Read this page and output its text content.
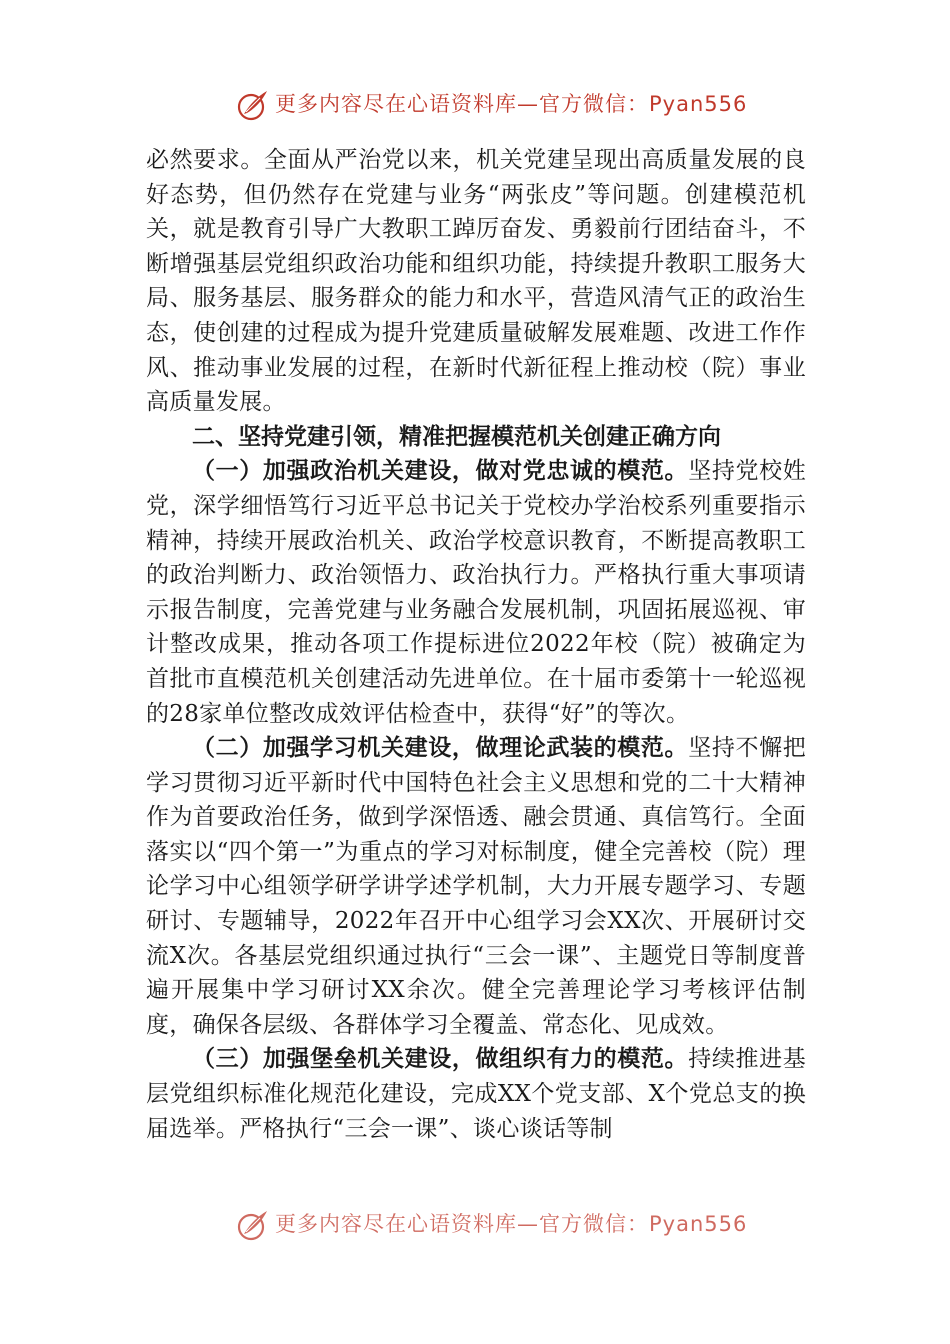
更多内容尽在心语资料库—官方微信：Pyan556

必然要求。全面从严治党以来，机关党建呈现出高质量发展的良好态势，但仍然存在党建与业务“两张皮”等问题。创建模范机关，就是教育引导广大教职工踔厉奋发、勇毅前行团结奋斗，不断增强基层党组织政治功能和组织功能，持续提升教职工服务大局、服务基层、服务群众的能力和水平，营造风清气正的政治生态，使创建的过程成为提升党建质量破解发展难题、改进工作作风、推动事业发展的过程，在新时代新征程上推动校（院）事业高质量发展。

二、坚持党建引领，精准把握模范机关创建正确方向

（一）加强政治机关建设，做对党忠诚的模范。坚持党校姓党，深学细悟笃行习近平总书记关于党校办学治校系列重要指示精神，持续开展政治机关、政治学校意识教育，不断提高教职工的政治判断力、政治领悟力、政治执行力。严格执行重大事项请示报告制度，完善党建与业务融合发展机制，巩固拓展巡视、审计整改成果，推动各项工作提标进位2022年校（院）被确定为首批市直模范机关创建活动先进单位。在十届市委第十一轮巡视的28家单位整改成效评估检查中，获得“好”的等次。

（二）加强学习机关建设，做理论武装的模范。坚持不懈把学习贯彻习近平新时代中国特色社会主义思想和党的二十大精神作为首要政治任务，做到学深悟透、融会贯通、真信笃行。全面落实以“四个第一”为重点的学习对标制度，健全完善校（院）理论学习中心组领学研学讲学述学机制，大力开展专题学习、专题研讨、专题辅导，2022年召开中心组学习会XX次、开展研讨交流X次。各基层党组织通过执行“三会一课”、主题党日等制度普遍开展集中学习研讨XX余次。健全完善理论学习考核评估制度，确保各层级、各群体学习全覆盖、常态化、见成效。

（三）加强堡垒机关建设，做组织有力的模范。持续推进基层党组织标准化规范化建设，完成XX个党支部、X个党总支的换届选举。严格执行“三会一课”、谈心谈话等制

更多内容尽在心语资料库—官方微信：Pyan556
